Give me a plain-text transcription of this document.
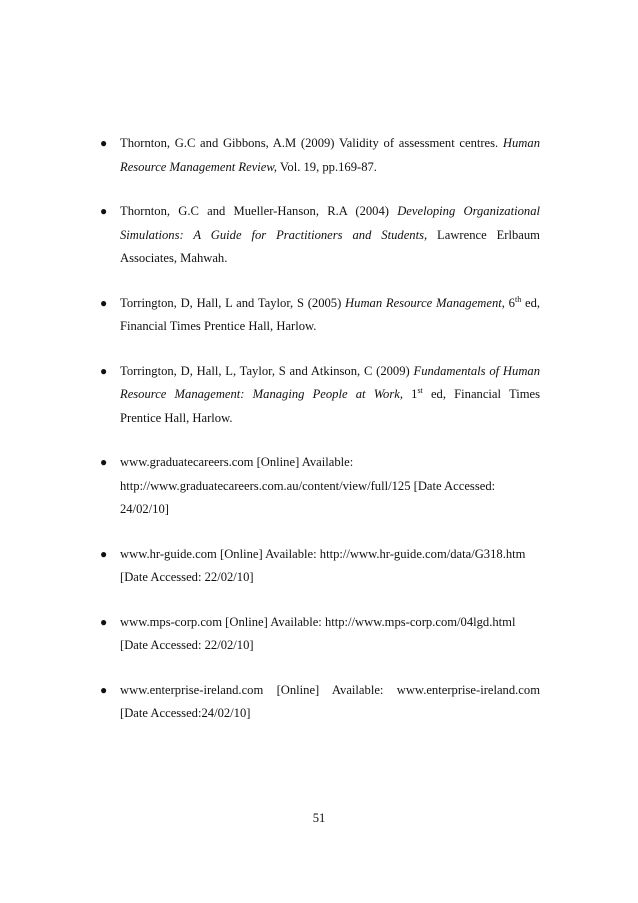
● Thornton, G.C and Gibbons, A.M (2009) Validity of assessment centres. Human
Resource Management Review, Vol. 19, pp.169-87.
● Thornton, G.C and Mueller-Hanson, R.A (2004) Developing Organizational
Simulations: A Guide for Practitioners and Students, Lawrence Erlbaum
Associates, Mahwah.
● Torrington, D, Hall, L and Taylor, S (2005) Human Resource Management, 6th ed,
Financial Times Prentice Hall, Harlow.
● Torrington, D, Hall, L, Taylor, S and Atkinson, C (2009) Fundamentals of Human
Resource Management: Managing People at Work, 1st ed, Financial Times
Prentice Hall, Harlow.
● www.graduatecareers.com [Online] Available:
http://www.graduatecareers.com.au/content/view/full/125 [Date Accessed:
24/02/10]
● www.hr-guide.com [Online] Available: http://www.hr-guide.com/data/G318.htm
[Date Accessed: 22/02/10]
● www.mps-corp.com [Online] Available: http://www.mps-corp.com/04lgd.html
[Date Accessed: 22/02/10]
● www.enterprise-ireland.com [Online] Available: www.enterprise-ireland.com
[Date Accessed:24/02/10]
51
